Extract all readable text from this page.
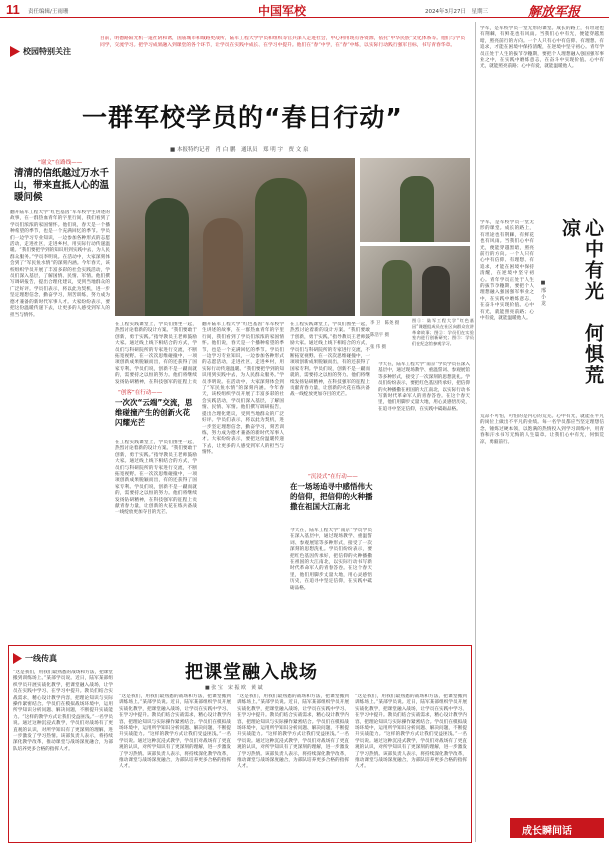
11 责任编辑/王雨珊	中国军校	2024年3月27日　星期三	解放军报
校园特别关注
目前，明德路阳光机一道社阴和诱，国庙城市和城路更战所，陆军工程大学学员和组织等官兵深人走进社会，中心利用现有各资源，依托“中华民族”文化体系等。他们与学员同学，交流学习。把学习成果融入到课堂的各个环节，让学员在实践中成长、在学习中提升。他们在“春”中学，在“春”中练，以实际行动践行强军目标，书写青春华章。
一群军校学员的“春日行动”
■ 本报特约记者　肖 白 鹏　通讯员　郑 明 宇　贾 文 泉
“谢文”在路线——
清清的信纸越过万水千山，带来直抵人心的温暖问候
翻开陆军工程大学“红色基因”军军校学生讲述的故事，在一群热血青年的字里行间，我们看到了学员们浓浓的家国情怀。他们说，春天是一个播种希望的季节，也是一个充满回忆的季节。学员们一边学习专业知识，一边参加各种形式的志愿活动，走进社区，走进乡村，用实际行动传递温暖。“我们要把学到的知识用到实践中去，为人民群众服务。”学员李明说。在活动中，大家深刻体会到了“军民鱼水情”的深刻内涵。今年春天，该校组织学员开展了丰富多彩的社会实践活动，学员们深入基层，了解国情、民情、军情。他们撰写调研报告，提出合理化建议，受到当地群众的广泛好评。学员们表示，将以此为契机，进一步坚定理想信念，勤奋学习，刻苦训练，努力成为德才兼备的新时代军事人才。大家纷纷表示，要把这份温暖传递下去，让更多的人感受到军人的担当与情怀。
图①：陆军工程大学“红色基因”课题组成员在社区向群众宣讲革命故事；图②：学员们在实验室内进行创新研究；图③：学员们在纪念馆参观学习。
李 卫　陈尧 摄
陈浩宇 摄
张 伟 摄
在工程实践课堂上，学员们围坐一起，热烈讨论着新的设计方案。“我们要敢于创新，勇于实践。”指导教员王老师鼓励大家。通过线上线下相结合的方式，学员们与科研院所的专家进行交流，不断拓宽视野。在一次次思维碰撞中，一项项创新成果脱颖而出，有的还获得了国家专利。学员们说，创新不是一蹴而就的，需要持之以恒的努力。他们将继续发扬钻研精神，在科技强军的征程上贡
“创客”在行动——
一次次“云端”交流，思维碰撞产生的创新火花闪耀光芒
在工程实践课堂上，学员们围坐一起，热烈讨论着新的设计方案。“我们要敢于创新，勇于实践。”指导教员王老师鼓励大家。通过线上线下相结合的方式，学员们与科研院所的专家进行交流，不断拓宽视野。在一次次思维碰撞中，一项项创新成果脱颖而出，有的还获得了国家专利。学员们说，创新不是一蹴而就的，需要持之以恒的努力。他们将继续发扬钻研精神，在科技强军的征程上贡献青春力量，让创新的火花在练兵备战一线绽放更加夺目的光芒。
翻开陆军工程大学“红色基因”军军校学生讲述的故事，在一群热血青年的字里行间，我们看到了学员们浓浓的家国情怀。他们说，春天是一个播种希望的季节，也是一个充满回忆的季节。学员们一边学习专业知识，一边参加各种形式的志愿活动，走进社区，走进乡村，用实际行动传递温暖。“我们要把学到的知识用到实践中去，为人民群众服务。”学员李明说。在活动中，大家深刻体会到了“军民鱼水情”的深刻内涵。今年春天，该校组织学员开展了丰富多彩的社会实践活动，学员们深入基层，了解国情、民情、军情。他们撰写调研报告，提出合理化建议，受到当地群众的广泛好评。学员们表示，将以此为契机，进一步坚定理想信念，勤奋学习，刻苦训练，努力成为德才兼备的新时代军事人才。大家纷纷表示，要把这份温暖传递下去，让更多的人感受到军人的担当与情怀。
在工程实践课堂上，学员们围坐一起，热烈讨论着新的设计方案。“我们要敢于创新，勇于实践。”指导教员王老师鼓励大家。通过线上线下相结合的方式，学员们与科研院所的专家进行交流，不断拓宽视野。在一次次思维碰撞中，一项项创新成果脱颖而出，有的还获得了国家专利。学员们说，创新不是一蹴而就的，需要持之以恒的努力。他们将继续发扬钻研精神，在科技强军的征程上贡献青春力量，让创新的火花在练兵备战一线绽放更加夺目的光芒。
“沉浸式”在行动——
在一场场追寻中感悟伟大的信仰，把信仰的火种播撒在祖国大江南北
今天在，陆军工程大学“南京”学员学员在深入基层中，通过现场教学、重温誓词、参观展馆等多种形式，接受了一次深刻的思想洗礼。学员们纷纷表示，要把红色基因传承好，把信仰的火种播撒在祖国的大江南北，以实际行动书写新时代革命军人的青春答卷。在这个春天里，他们用脚步丈量大地，用心灵感悟历史，在追寻中坚定信仰，在实践中砥砺品格。
今天在，陆军工程大学“南京”学员学员在深入基层中，通过现场教学、重温誓词、参观展馆等多种形式，接受了一次深刻的思想洗礼。学员们纷纷表示，要把红色基因传承好，把信仰的火种播撒在祖国的大江南北，以实际行动书写新时代革命军人的青春答卷。在这个春天里，他们用脚步丈量大地，用心灵感悟历史，在追寻中坚定信仰，在实践中砥砺品格。
学军，是军校学员一堂无形的课堂。成长的路上，有坦途也有荆棘，有鲜花也有风雨。当我们心中有光，便能穿越黑暗，照亮前行的方向。一个人只有心中有信仰、有理想、有追求，才能在困境中保持清醒，在逆境中坚守初心。青年学员正处于人生的拔节孕穗期，要把个人理想融入强国强军事业之中，在实践中磨炼意志，在奋斗中实现价值。心中有光，就能照亮前路；心中有爱，就能温暖他人。
心中有光　何惧荒凉
■ 邢 小 龙
学军，是军校学员一堂无形的课堂。成长的路上，有坦途也有荆棘，有鲜花也有风雨。当我们心中有光，便能穿越黑暗，照亮前行的方向。一个人只有心中有信仰、有理想、有追求，才能在困境中保持清醒，在逆境中坚守初心。青年学员正处于人生的拔节孕穗期，要把个人理想融入强国强军事业之中，在实践中磨炼意志，在奋斗中实现价值。心中有光，就能照亮前路；心中有爱，就能温暖他人。
荒凉不可怕，可怕的是内心的荒芜。心中有光，就能在平凡的岗位上做出不平凡的业绩。每一名学员都应当坚定理想信念，锤炼过硬本领，以饱满的热情投入到学习训练中，用青春和汗水书写无悔的人生篇章。让我们心中有光，何惧荒凉，勇毅前行。
成长瞬间话
一线传真
把课堂融入战场
■ 张 宝　宋 振 欧　黄 斌
“这是我们，用我们最熟悉的战场和方法，把课堂搬到训练场上。”某部学员说。近日，陆军某部组织学员开展实战化教学，把课堂融入战场，让学员在实践中学习、在学习中提升。教员们结合实战需求，精心设计教学内容，把理论知识与实际操作紧密结合。学员们在模拟战场环境中，运用所学知识分析问题、解决问题，不断提升实战能力。“这样的教学方式让我们受益匪浅。”一名学员说。通过这种沉浸式教学，学员们对战场有了更直观的认识，对所学知识有了更深刻的理解，进一步激发了学习热情。该部负责人表示，将持续深化教学改革，推动课堂与战场深度融合，为部队培养更多合格的指挥人才。
“这是我们，用我们最熟悉的战场和方法，把课堂搬到训练场上。”某部学员说。近日，陆军某部组织学员开展实战化教学，把课堂融入战场，让学员在实践中学习、在学习中提升。教员们结合实战需求，精心设计教学内容，把理论知识与实际操作紧密结合。学员们在模拟战场环境中，运用所学知识分析问题、解决问题，不断提升实战能力。“这样的教学方式让我们受益匪浅。”一名学员说。通过这种沉浸式教学，学员们对战场有了更直观的认识，对所学知识有了更深刻的理解，进一步激发了学习热情。该部负责人表示，将持续深化教学改革，推动课堂与战场深度融合，为部队培养更多合格的指挥人才。
“这是我们，用我们最熟悉的战场和方法，把课堂搬到训练场上。”某部学员说。近日，陆军某部组织学员开展实战化教学，把课堂融入战场，让学员在实践中学习、在学习中提升。教员们结合实战需求，精心设计教学内容，把理论知识与实际操作紧密结合。学员们在模拟战场环境中，运用所学知识分析问题、解决问题，不断提升实战能力。“这样的教学方式让我们受益匪浅。”一名学员说。通过这种沉浸式教学，学员们对战场有了更直观的认识，对所学知识有了更深刻的理解，进一步激发了学习热情。该部负责人表示，将持续深化教学改革，推动课堂与战场深度融合，为部队培养更多合格的指挥人才。
“这是我们，用我们最熟悉的战场和方法，把课堂搬到训练场上。”某部学员说。近日，陆军某部组织学员开展实战化教学，把课堂融入战场，让学员在实践中学习、在学习中提升。教员们结合实战需求，精心设计教学内容，把理论知识与实际操作紧密结合。学员们在模拟战场环境中，运用所学知识分析问题、解决问题，不断提升实战能力。“这样的教学方式让我们受益匪浅。”一名学员说。通过这种沉浸式教学，学员们对战场有了更直观的认识，对所学知识有了更深刻的理解，进一步激发了学习热情。该部负责人表示，将持续深化教学改革，推动课堂与战场深度融合，为部队培养更多合格的指挥人才。
